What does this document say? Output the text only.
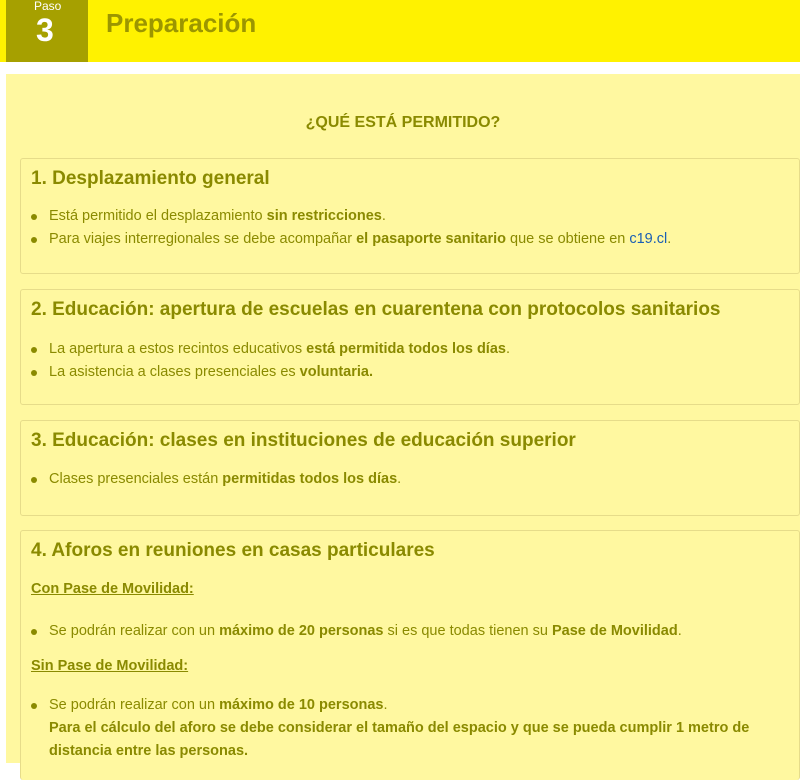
Paso
3 Preparación
¿QUÉ ESTÁ PERMITIDO?
1. Desplazamiento general
Está permitido el desplazamiento sin restricciones.
Para viajes interregionales se debe acompañar el pasaporte sanitario que se obtiene en c19.cl.
2. Educación: apertura de escuelas en cuarentena con protocolos sanitarios
La apertura a estos recintos educativos está permitida todos los días.
La asistencia a clases presenciales es voluntaria.
3. Educación: clases en instituciones de educación superior
Clases presenciales están permitidas todos los días.
4. Aforos en reuniones en casas particulares
Con Pase de Movilidad:
Se podrán realizar con un máximo de 20 personas si es que todas tienen su Pase de Movilidad.
Sin Pase de Movilidad:
Se podrán realizar con un máximo de 10 personas.
Para el cálculo del aforo se debe considerar el tamaño del espacio y que se pueda cumplir 1 metro de
distancia entre las personas.
